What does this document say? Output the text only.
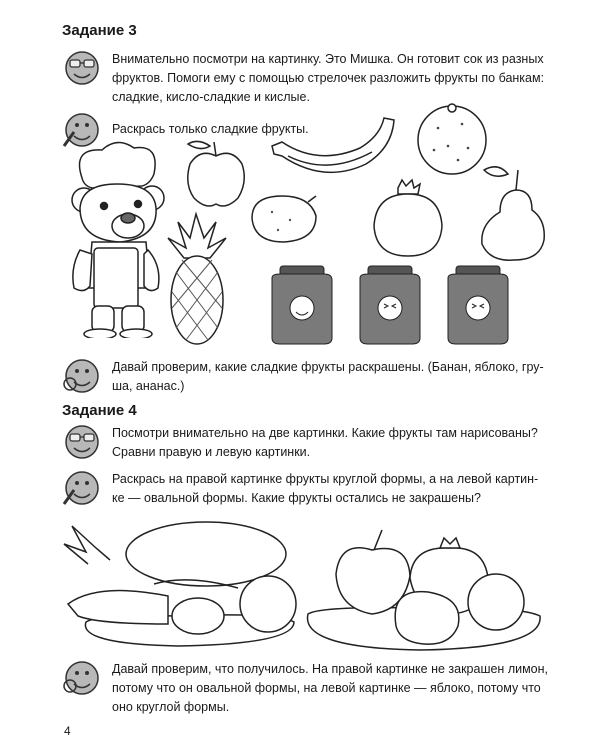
Задание 3
Внимательно посмотри на картинку. Это Мишка. Он готовит сок из разных
фруктов. Помоги ему с помощью стрелочек разложить фрукты по банкам:
сладкие, кисло-сладкие и кислые.
Раскрась только сладкие фрукты.
Давай проверим, какие сладкие фрукты раскрашены. (Банан, яблоко, гру-
ша, ананас.)
Задание 4
Посмотри внимательно на две картинки. Какие фрукты там нарисованы?
Сравни правую и левую картинки.
Раскрась на правой картинке фрукты круглой формы, а на левой картин-
ке — овальной формы. Какие фрукты остались не закрашены?
Давай проверим, что получилось. На правой картинке не закрашен лимон,
потому что он овальной формы, на левой картинке — яблоко, потому что
оно круглой формы.
4
